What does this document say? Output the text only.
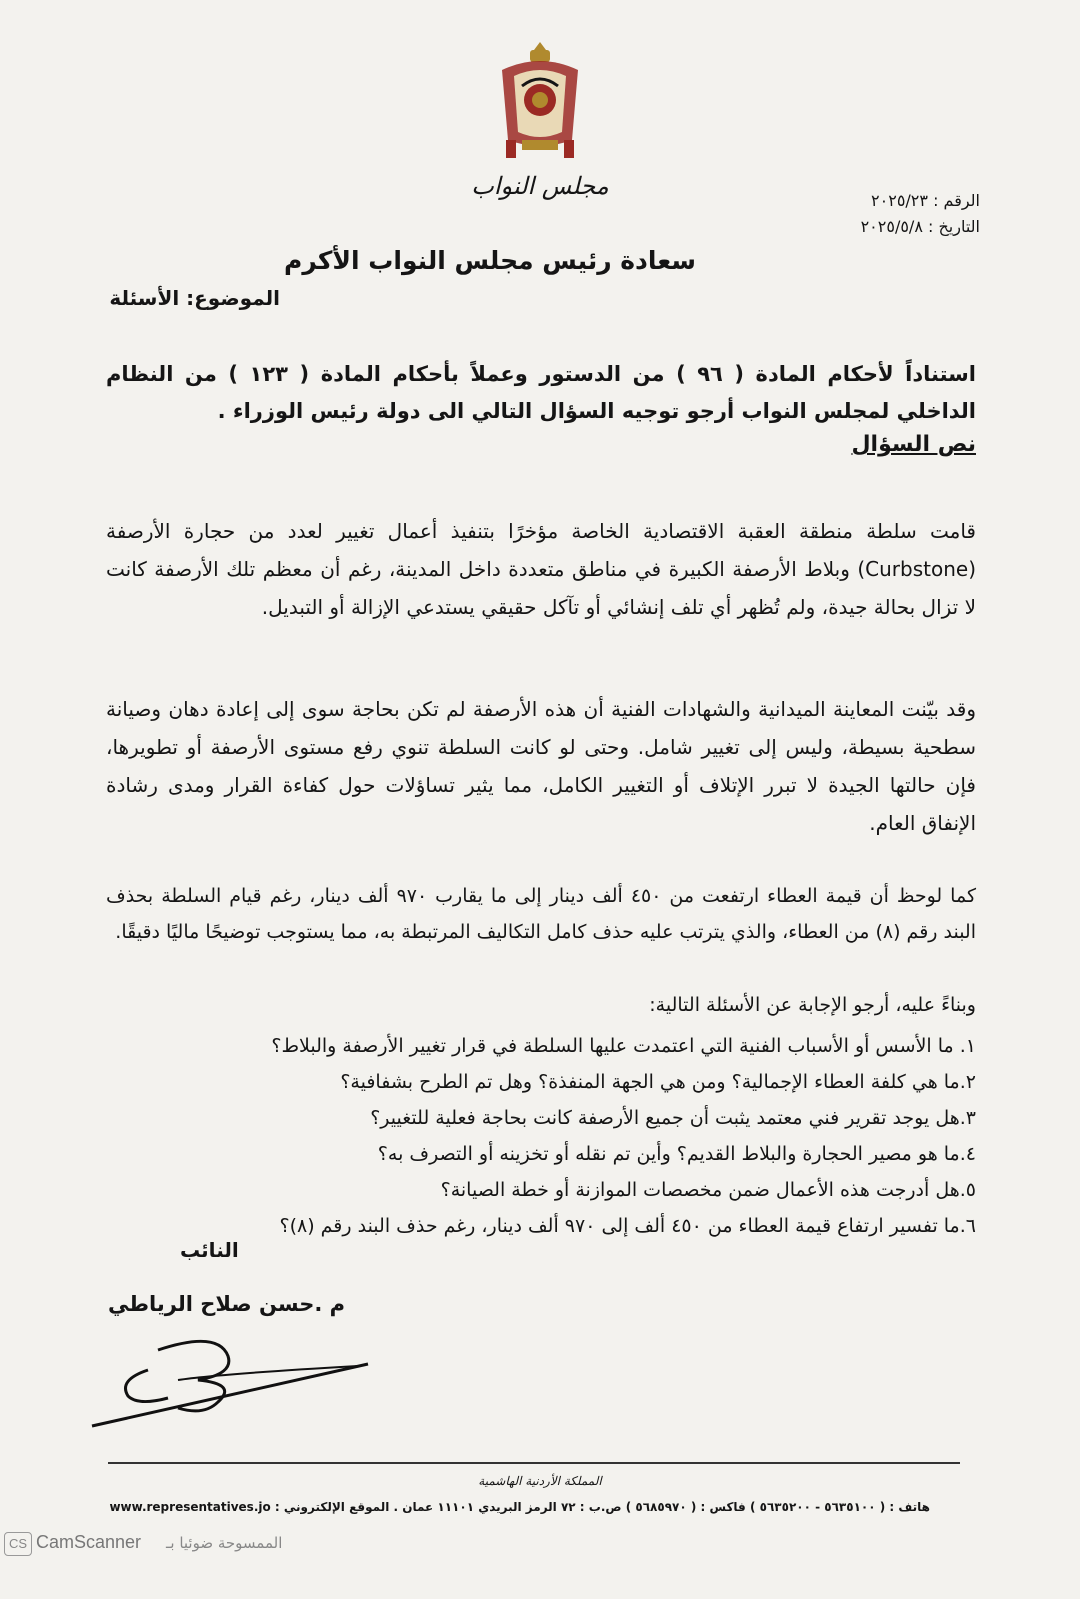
مجلس النواب
الرقم : ٢٠٢٥/٢٣
التاريخ : ٢٠٢٥/٥/٨
سعادة رئيس مجلس النواب الأكرم
الموضوع: الأسئلة
استناداً لأحكام المادة ( ٩٦ ) من الدستور وعملاً بأحكام المادة ( ١٢٣ ) من النظام الداخلي لمجلس النواب أرجو توجيه السؤال التالي الى دولة رئيس الوزراء .
نص السؤال
قامت سلطة منطقة العقبة الاقتصادية الخاصة مؤخرًا بتنفيذ أعمال تغيير لعدد من حجارة الأرصفة (Curbstone) وبلاط الأرصفة الكبيرة في مناطق متعددة داخل المدينة، رغم أن معظم تلك الأرصفة كانت لا تزال بحالة جيدة، ولم تُظهر أي تلف إنشائي أو تآكل حقيقي يستدعي الإزالة أو التبديل.
وقد بيّنت المعاينة الميدانية والشهادات الفنية أن هذه الأرصفة لم تكن بحاجة سوى إلى إعادة دهان وصيانة سطحية بسيطة، وليس إلى تغيير شامل. وحتى لو كانت السلطة تنوي رفع مستوى الأرصفة أو تطويرها، فإن حالتها الجيدة لا تبرر الإتلاف أو التغيير الكامل، مما يثير تساؤلات حول كفاءة القرار ومدى رشادة الإنفاق العام.
كما لوحظ أن قيمة العطاء ارتفعت من ٤٥٠ ألف دينار إلى ما يقارب ٩٧٠ ألف دينار، رغم قيام السلطة بحذف البند رقم (٨) من العطاء، والذي يترتب عليه حذف كامل التكاليف المرتبطة به، مما يستوجب توضيحًا ماليًا دقيقًا.
وبناءً عليه، أرجو الإجابة عن الأسئلة التالية:
١. ما الأسس أو الأسباب الفنية التي اعتمدت عليها السلطة في قرار تغيير الأرصفة والبلاط؟
٢.ما هي كلفة العطاء الإجمالية؟ ومن هي الجهة المنفذة؟ وهل تم الطرح بشفافية؟
٣.هل يوجد تقرير فني معتمد يثبت أن جميع الأرصفة كانت بحاجة فعلية للتغيير؟
٤.ما هو مصير الحجارة والبلاط القديم؟ وأين تم نقله أو تخزينه أو التصرف به؟
٥.هل أدرجت هذه الأعمال ضمن مخصصات الموازنة أو خطة الصيانة؟
٦.ما تفسير ارتفاع قيمة العطاء من ٤٥٠ ألف إلى ٩٧٠ ألف دينار، رغم حذف البند رقم (٨)؟
النائب
م .حسن صلاح الرياطي
المملكة الأردنية الهاشمية
هاتف : ( ٥٦٣٥١٠٠ - ٥٦٣٥٢٠٠ ) فاكس : ( ٥٦٨٥٩٧٠ ) ص.ب : ٧٢ الرمز البريدي ١١١٠١ عمان . الموقع الإلكتروني : www.representatives.jo
CS CamScanner الممسوحة ضوئيا بـ
